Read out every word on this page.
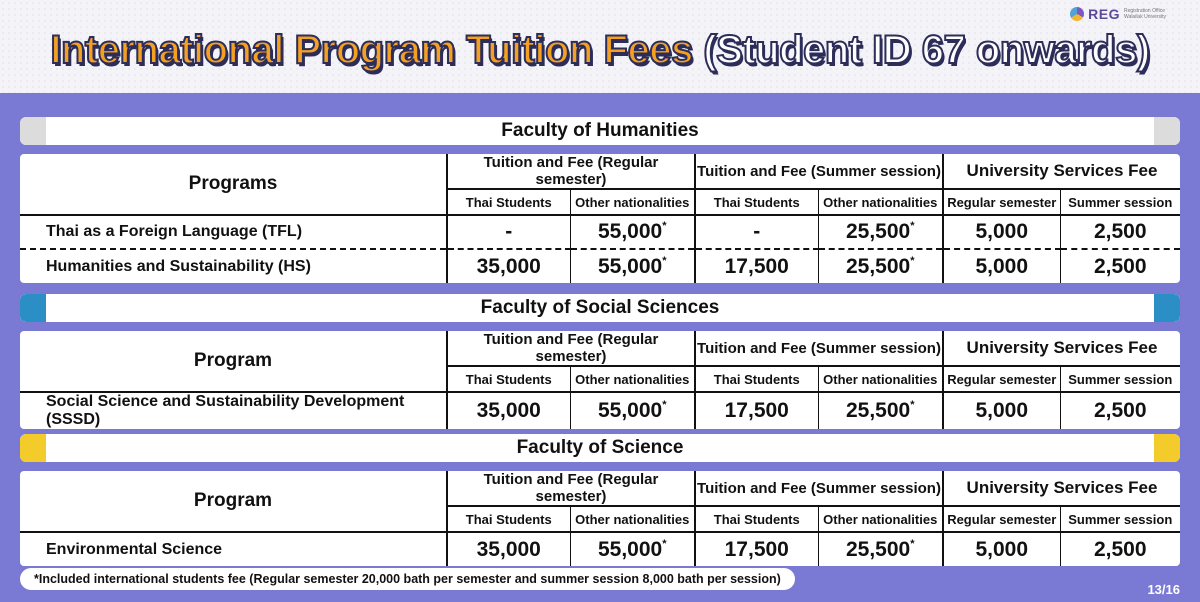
REG Registration Office Walailak University
International Program Tuition Fees (Student ID 67 onwards)
Faculty of Humanities
Programs	Tuition and Fee (Regular semester)		Tuition and Fee (Summer session)		University Services Fee	
	Thai Students	Other nationalities	Thai Students	Other nationalities	Regular semester	Summer session
Thai as a Foreign Language (TFL)	-	55,000*	-	25,500*	5,000	2,500
Humanities and Sustainability (HS)	35,000	55,000*	17,500	25,500*	5,000	2,500
Faculty of Social Sciences
Program	Tuition and Fee (Regular semester)		Tuition and Fee (Summer session)		University Services Fee	
	Thai Students	Other nationalities	Thai Students	Other nationalities	Regular semester	Summer session
Social Science and Sustainability Development (SSSD)	35,000	55,000*	17,500	25,500*	5,000	2,500
Faculty of Science
Program	Tuition and Fee (Regular semester)		Tuition and Fee (Summer session)		University Services Fee	
	Thai Students	Other nationalities	Thai Students	Other nationalities	Regular semester	Summer session
Environmental Science	35,000	55,000*	17,500	25,500*	5,000	2,500
*Included international students fee (Regular semester 20,000 bath per semester and summer session 8,000 bath per session)
13/16
